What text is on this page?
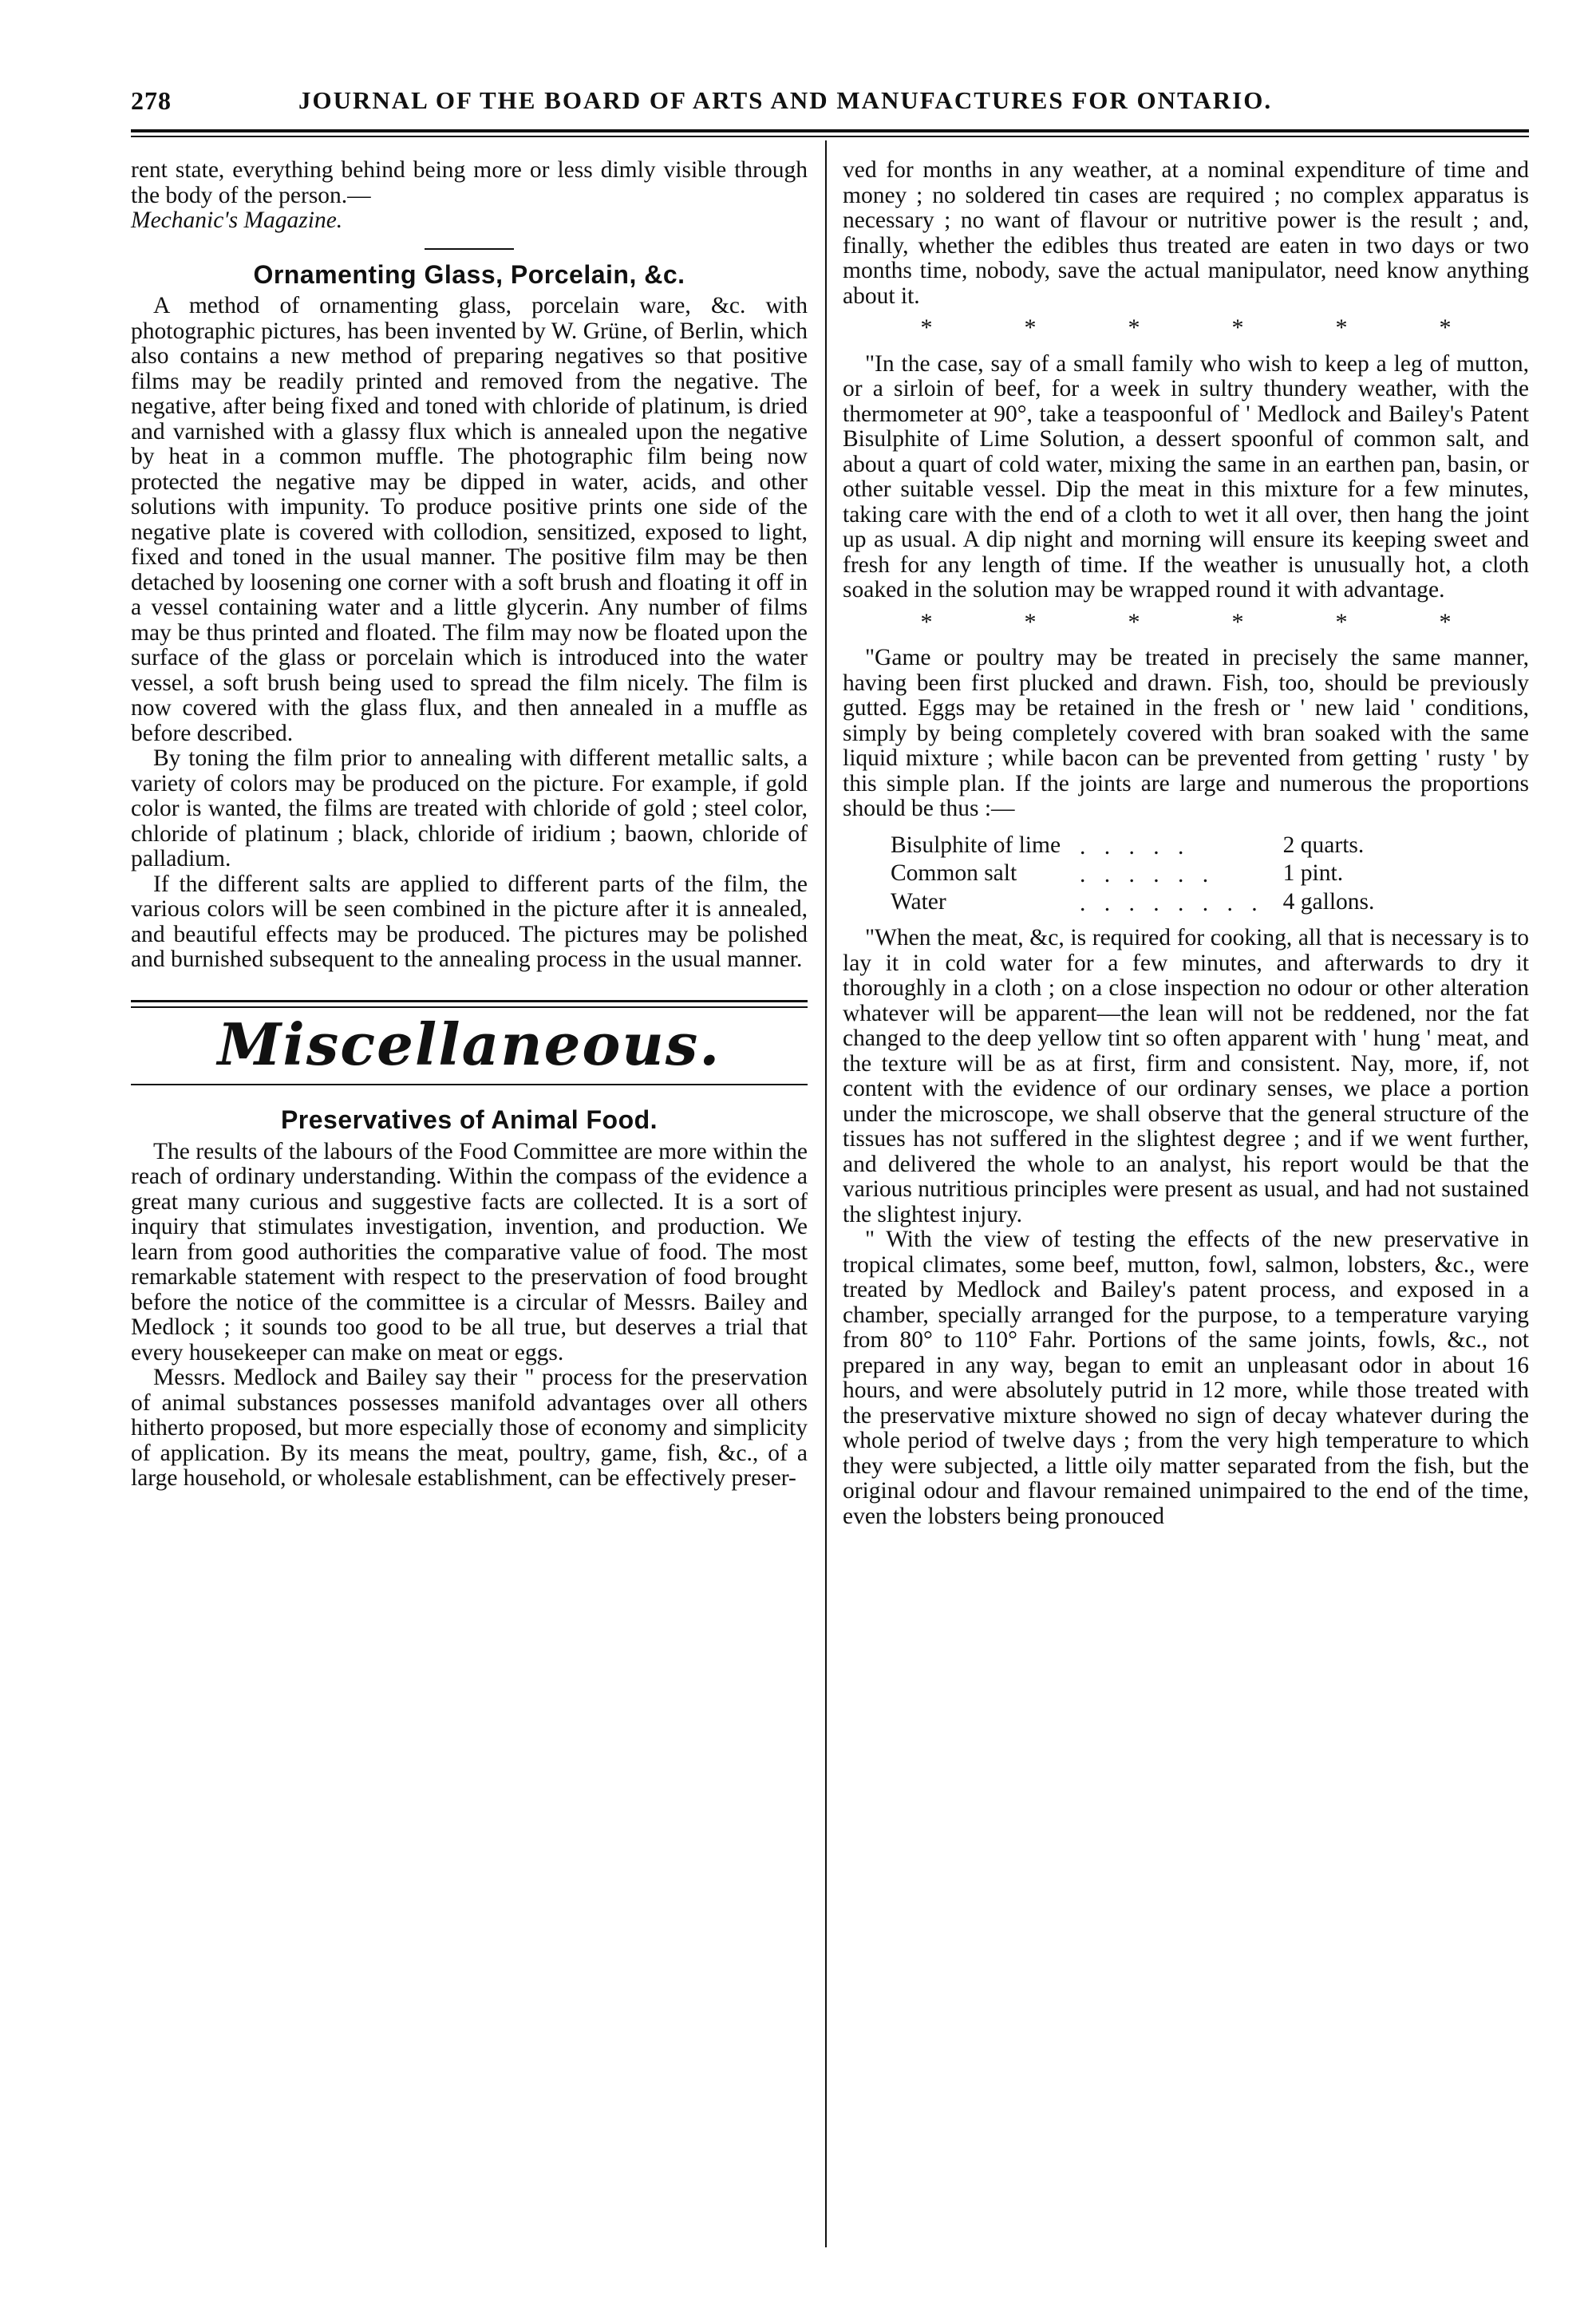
278	JOURNAL OF THE BOARD OF ARTS AND MANUFACTURES FOR ONTARIO.

rent state, everything behind being more or less dimly visible through the body of the person.—
Mechanic's Magazine.

Ornamenting Glass, Porcelain, &c.

A method of ornamenting glass, porcelain ware, &c. with photographic pictures, has been invented by W. Grüne, of Berlin, which also contains a new method of preparing negatives so that positive films may be readily printed and removed from the negative. The negative, after being fixed and toned with chloride of platinum, is dried and varnished with a glassy flux which is annealed upon the negative by heat in a common muffle. The photographic film being now protected the negative may be dipped in water, acids, and other solutions with impunity. To produce positive prints one side of the negative plate is covered with collodion, sensitized, exposed to light, fixed and toned in the usual manner. The positive film may be then detached by loosening one corner with a soft brush and floating it off in a vessel containing water and a little glycerin. Any number of films may be thus printed and floated. The film may now be floated upon the surface of the glass or porcelain which is introduced into the water vessel, a soft brush being used to spread the film nicely. The film is now covered with the glass flux, and then annealed in a muffle as before described.

By toning the film prior to annealing with different metallic salts, a variety of colors may be produced on the picture. For example, if gold color is wanted, the films are treated with chloride of gold ; steel color, chloride of platinum ; black, chloride of iridium ; baown, chloride of palladium.

If the different salts are applied to different parts of the film, the various colors will be seen combined in the picture after it is annealed, and beautiful effects may be produced. The pictures may be polished and burnished subsequent to the annealing process in the usual manner.

Miscellaneous.
Preservatives of Animal Food.

The results of the labours of the Food Committee are more within the reach of ordinary understanding. Within the compass of the evidence a great many curious and suggestive facts are collected. It is a sort of inquiry that stimulates investigation, invention, and production. We learn from good authorities the comparative value of food. The most remarkable statement with respect to the preservation of food brought before the notice of the committee is a circular of Messrs. Bailey and Medlock ; it sounds too good to be all true, but deserves a trial that every housekeeper can make on meat or eggs.

Messrs. Medlock and Bailey say their " process for the preservation of animal substances possesses manifold advantages over all others hitherto proposed, but more especially those of economy and simplicity of application. By its means the meat, poultry, game, fish, &c., of a large household, or wholesale establishment, can be effectively preser-

ved for months in any weather, at a nominal expenditure of time and money ; no soldered tin cases are required ; no complex apparatus is necessary ; no want of flavour or nutritive power is the result ; and, finally, whether the edibles thus treated are eaten in two days or two months time, nobody, save the actual manipulator, need know anything about it.

*	*	*	*	*	*

"In the case, say of a small family who wish to keep a leg of mutton, or a sirloin of beef, for a week in sultry thundery weather, with the thermometer at 90°, take a teaspoonful of ' Medlock and Bailey's Patent Bisulphite of Lime Solution, a dessert spoonful of common salt, and about a quart of cold water, mixing the same in an earthen pan, basin, or other suitable vessel. Dip the meat in this mixture for a few minutes, taking care with the end of a cloth to wet it all over, then hang the joint up as usual. A dip night and morning will ensure its keeping sweet and fresh for any length of time. If the weather is unusually hot, a cloth soaked in the solution may be wrapped round it with advantage.

*	*	*	*	*	*

"Game or poultry may be treated in precisely the same manner, having been first plucked and drawn. Fish, too, should be previously gutted. Eggs may be retained in the fresh or ' new laid ' conditions, simply by being completely covered with bran soaked with the same liquid mixture ; while bacon can be prevented from getting ' rusty ' by this simple plan. If the joints are large and numerous the proportions should be thus :—

Bisulphite of lime	. . . . .	2 quarts.
Common salt	. . . . . .	1 pint.
Water	. . . . . . . .	4 gallons.

"When the meat, &c, is required for cooking, all that is necessary is to lay it in cold water for a few minutes, and afterwards to dry it thoroughly in a cloth ; on a close inspection no odour or other alteration whatever will be apparent—the lean will not be reddened, nor the fat changed to the deep yellow tint so often apparent with ' hung ' meat, and the texture will be as at first, firm and consistent. Nay, more, if, not content with the evidence of our ordinary senses, we place a portion under the microscope, we shall observe that the general structure of the tissues has not suffered in the slightest degree ; and if we went further, and delivered the whole to an analyst, his report would be that the various nutritious principles were present as usual, and had not sustained the slightest injury.

" With the view of testing the effects of the new preservative in tropical climates, some beef, mutton, fowl, salmon, lobsters, &c., were treated by Medlock and Bailey's patent process, and exposed in a chamber, specially arranged for the purpose, to a temperature varying from 80° to 110° Fahr. Portions of the same joints, fowls, &c., not prepared in any way, began to emit an unpleasant odor in about 16 hours, and were absolutely putrid in 12 more, while those treated with the preservative mixture showed no sign of decay whatever during the whole period of twelve days ; from the very high temperature to which they were subjected, a little oily matter separated from the fish, but the original odour and flavour remained unimpaired to the end of the time, even the lobsters being pronouced
